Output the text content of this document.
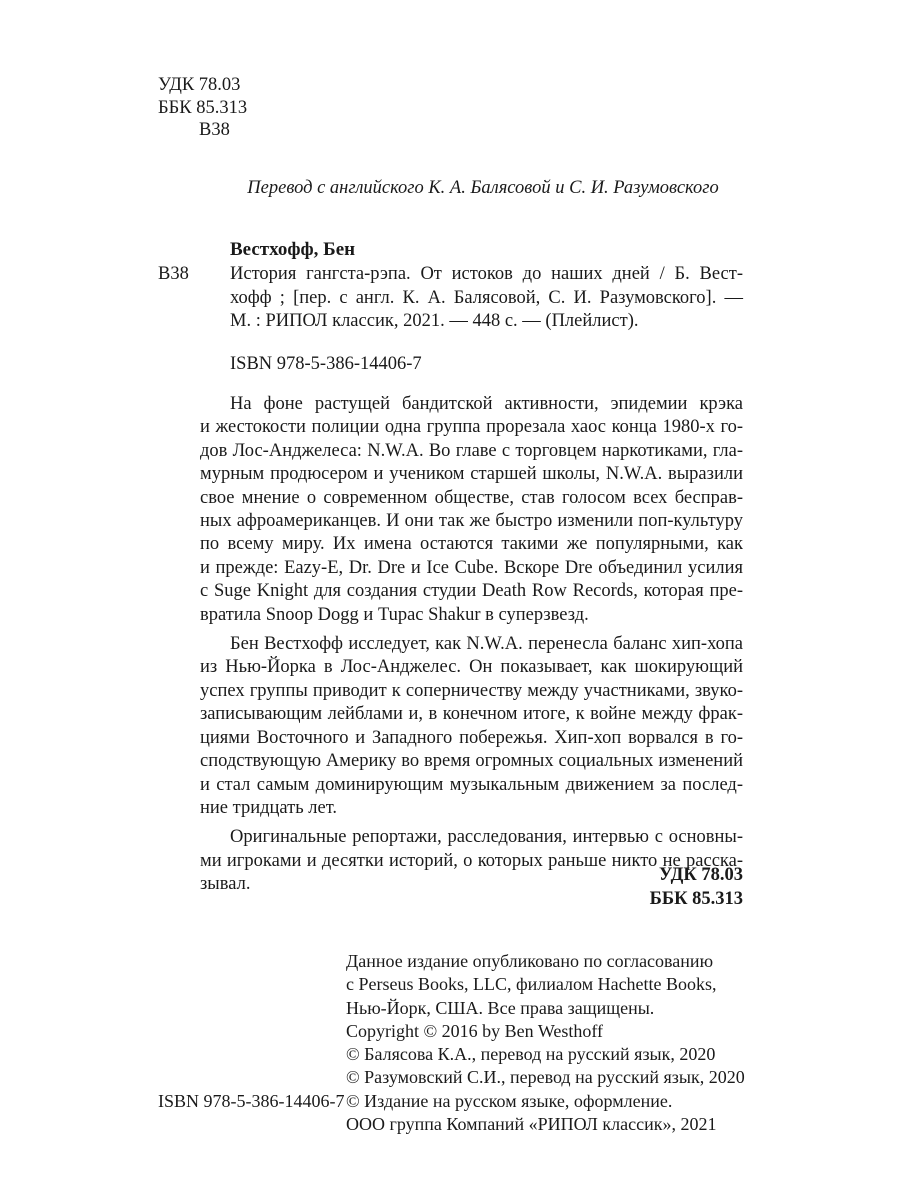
УДК 78.03
ББК 85.313
В38
Перевод с английского К. А. Балясовой и С. И. Разумовского
Вестхофф, Бен
В38 История гангста-рэпа. От истоков до наших дней / Б. Вест-
хофф ; [пер. с англ. К. А. Балясовой, С. И. Разумовского]. —
М. : РИПОЛ классик, 2021. — 448 с. — (Плейлист).
ISBN 978-5-386-14406-7
На фоне растущей бандитской активности, эпидемии крэка
и жестокости полиции одна группа прорезала хаос конца 1980-х го-
дов Лос-Анджелеса: N.W.A. Во главе с торговцем наркотиками, гла-
мурным продюсером и учеником старшей школы, N.W.A. выразили
свое мнение о современном обществе, став голосом всех бесправ-
ных афроамериканцев. И они так же быстро изменили поп-культуру
по всему миру. Их имена остаются такими же популярными, как
и прежде: Eazy-E, Dr. Dre и Ice Cube. Вскоре Dre объединил усилия
с Suge Knight для создания студии Death Row Records, которая пре-
вратила Snoop Dogg и Tupac Shakur в суперзвезд.
Бен Вестхофф исследует, как N.W.A. перенесла баланс хип-хопа
из Нью-Йорка в Лос-Анджелес. Он показывает, как шокирующий
успех группы приводит к соперничеству между участниками, звуко-
записывающим лейблами и, в конечном итоге, к войне между фрак-
циями Восточного и Западного побережья. Хип-хоп ворвался в го-
сподствующую Америку во время огромных социальных изменений
и стал самым доминирующим музыкальным движением за послед-
ние тридцать лет.
Оригинальные репортажи, расследования, интервью с основны-
ми игроками и десятки историй, о которых раньше никто не расска-
зывал.	УДК 78.03
ББК 85.313
Данное издание опубликовано по согласованию
с Perseus Books, LLC, филиалом Hachette Books,
Нью-Йорк, США. Все права защищены.
Copyright © 2016 by Ben Westhoff
© Балясова К.А., перевод на русский язык, 2020
© Разумовский С.И., перевод на русский язык, 2020
© Издание на русском языке, оформление.
ООО группа Компаний «РИПОЛ классик», 2021
ISBN 978-5-386-14406-7
